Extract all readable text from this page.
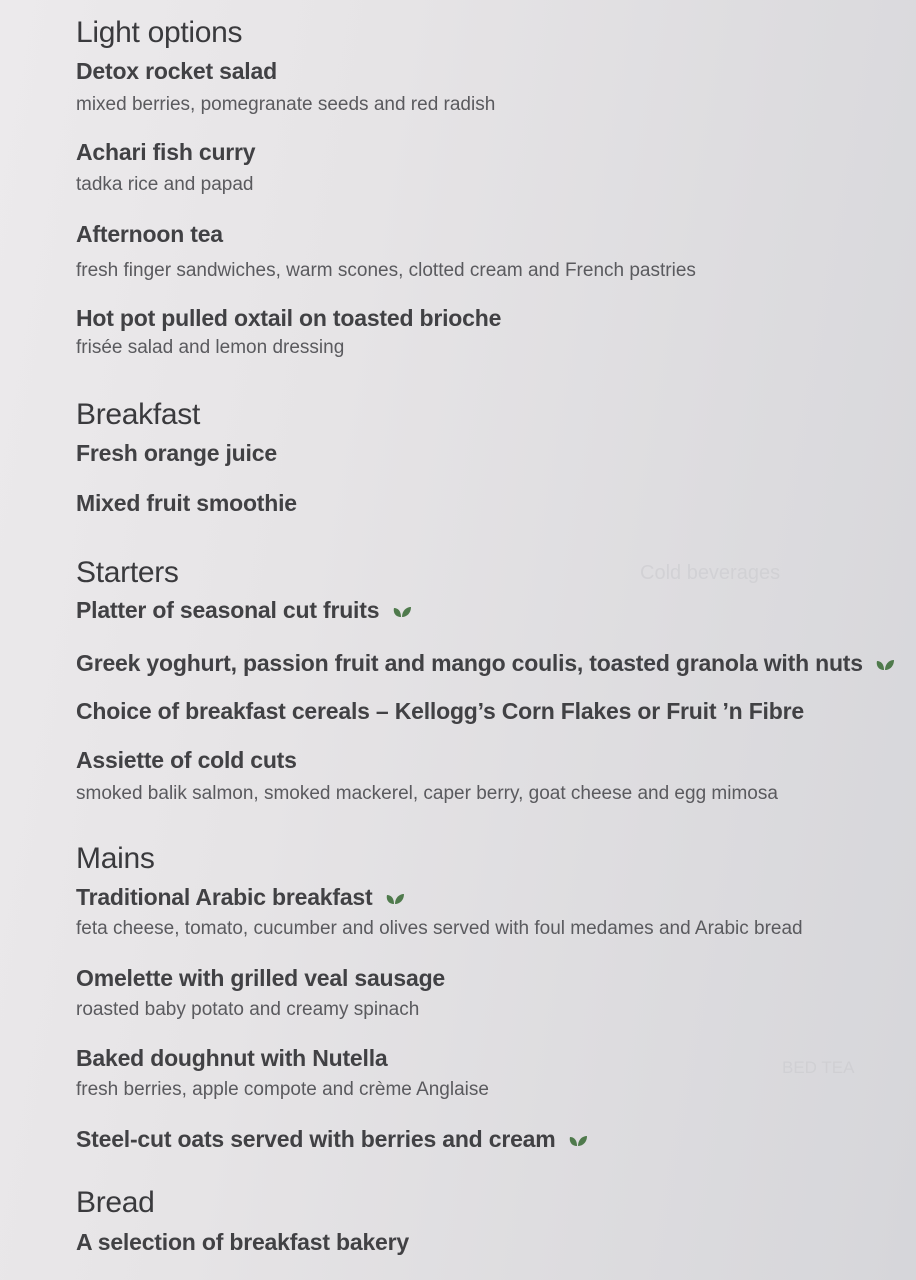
Cold beverages
BED TEA
Light options
Detox rocket salad
mixed berries, pomegranate seeds and red radish
Achari fish curry
tadka rice and papad
Afternoon tea
fresh finger sandwiches, warm scones, clotted cream and French pastries
Hot pot pulled oxtail on toasted brioche
frisée salad and lemon dressing
Breakfast
Fresh orange juice
Mixed fruit smoothie
Starters
Platter of seasonal cut fruits
Greek yoghurt, passion fruit and mango coulis, toasted granola with nuts
Choice of breakfast cereals – Kellogg’s Corn Flakes or Fruit ’n Fibre
Assiette of cold cuts
smoked balik salmon, smoked mackerel, caper berry, goat cheese and egg mimosa
Mains
Traditional Arabic breakfast
feta cheese, tomato, cucumber and olives served with foul medames and Arabic bread
Omelette with grilled veal sausage
roasted baby potato and creamy spinach
Baked doughnut with Nutella
fresh berries, apple compote and crème Anglaise
Steel-cut oats served with berries and cream
Bread
A selection of breakfast bakery
